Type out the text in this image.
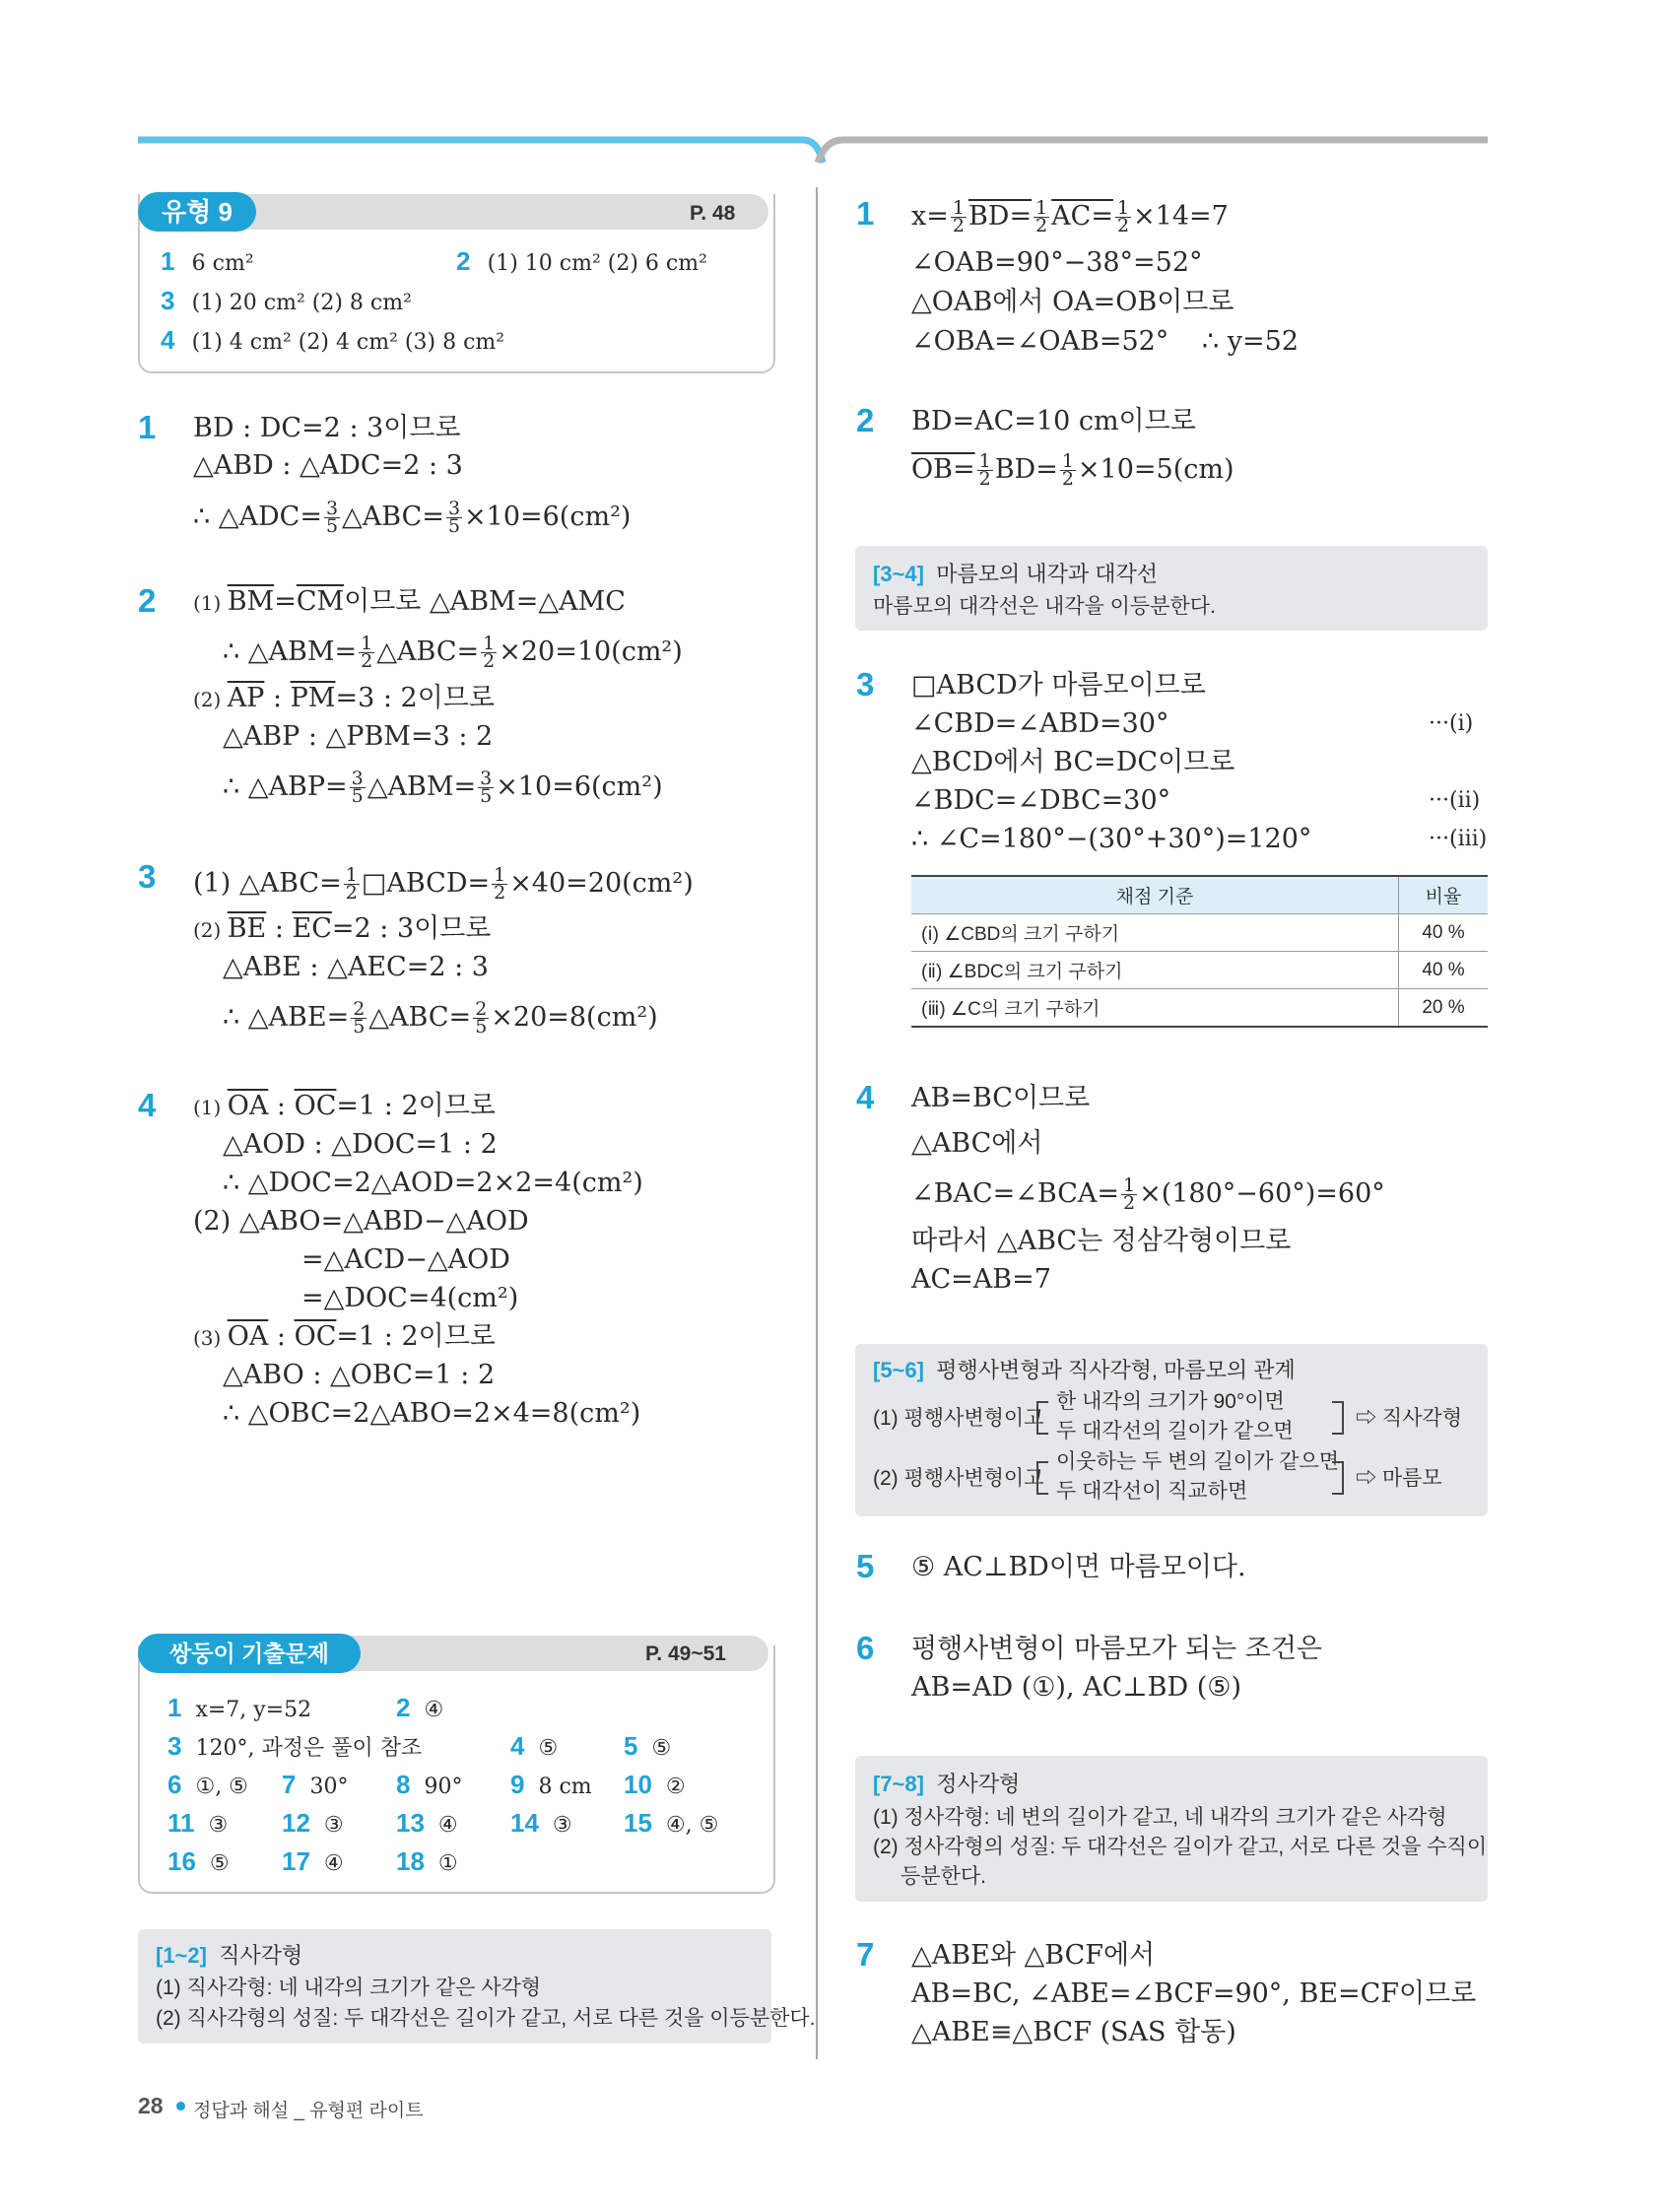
유형 9	P. 48
1 6 cm²	2 (1) 10 cm² (2) 6 cm²
3 (1) 20 cm² (2) 8 cm²
4 (1) 4 cm² (2) 4 cm² (3) 8 cm²
1 BD : DC=2 : 3이므로
△ABD : △ADC=2 : 3
∴ △ADC= $\frac{3}{5}$ △ABC= $\frac{3}{5} \times 10=6(cm^2)$
2 (1) $\overline{BM}=\overline{CM}$이므로 △ABM=△AMC
∴ △ABM= $\frac{1}{2}$ △ABC= $\frac{1}{2} \times 20=10(cm^2)$
(2) $\overline{AP}$ : $\overline{PM}=3$ : 2이므로
△ABP : △PBM=3 : 2
∴ △ABP= $\frac{3}{5}$ △ABM= $\frac{3}{5} \times 10=6(cm^2)$
3 (1) △ABC= $\frac{1}{2}$ □ABCD= $\frac{1}{2} \times 40=20(cm^2)$
(2) $\overline{BE}$ : $\overline{EC}=2$ : 3이므로
△ABE : △AEC=2 : 3
∴ △ABE= $\frac{2}{5}$ △ABC= $\frac{2}{5} \times 20=8(cm^2)$
4 (1) $\overline{OA}$ : $\overline{OC}=1$ : 2이므로
△AOD : △DOC=1 : 2
∴ △DOC=2△AOD=2×2=4(cm²)
(2) △ABO=△ABD−△AOD
=△ACD−△AOD
=△DOC=4(cm²)
(3) $\overline{OA}$ : $\overline{OC}=1$ : 2이므로
△ABO : △OBC=1 : 2
∴ △OBC=2△ABO=2×4=8(cm²)
쌍둥이 기출문제	P. 49~51
1 x=7, y=52	2 ④
3 120°, 과정은 풀이 참조	4 ⑤	5 ⑤
6 ①, ⑤ 7 30° 8 90° 9 8 cm 10 ②
11 ③ 12 ③ 13 ④ 14 ③ 15 ④, ⑤
16 ⑤ 17 ④ 18 ①
[1~2] 직사각형
(1) 직사각형: 네 내각의 크기가 같은 사각형
(2) 직사각형의 성질: 두 대각선은 길이가 같고, 서로 다른 것을 이등분한다.
28 정답과 해설 _ 유형편 라이트
1 $x= \frac{1}{2} BD= \frac{1}{2} AC= \frac{1}{2} \times 14=7$
∠OAB=90°−38°=52°
△OAB에서 OA=OB이므로
∠OBA=∠OAB=52° ∴ y=52
2 BD=AC=10 cm이므로
$OB= \frac{1}{2} BD= \frac{1}{2} \times 10=5(cm)$
[3~4] 마름모의 내각과 대각선
마름모의 대각선은 내각을 이등분한다.
3 □ABCD가 마름모이므로
∠CBD=∠ABD=30°	···(ⅰ)
△BCD에서 BC=DC이므로
∠BDC=∠DBC=30°	···(ⅱ)
∴ ∠C=180°−(30°+30°)=120°	···(ⅲ)
채점 기준	비율
(ⅰ) ∠CBD의 크기 구하기	40 %
(ⅱ) ∠BDC의 크기 구하기	40 %
(ⅲ) ∠C의 크기 구하기	20 %
4 AB=BC이므로
△ABC에서
∠BAC=∠BCA= $\frac{1}{2} \times(180^\circ-60^\circ)=60^\circ$
따라서 △ABC는 정삼각형이므로
AC=AB=7
[5~6] 평행사변형과 직사각형, 마름모의 관계
(1) 평행사변형이고
한 내각의 크기가 90°이면
두 대각선의 길이가 같으면
⇨ 직사각형
(2) 평행사변형이고
이웃하는 두 변의 길이가 같으면
두 대각선이 직교하면
⇨ 마름모
5 ⑤ AC⊥BD이면 마름모이다.
6 평행사변형이 마름모가 되는 조건은
AB=AD (①), AC⊥BD (⑤)
[7~8] 정사각형
(1) 정사각형: 네 변의 길이가 같고, 네 내각의 크기가 같은 사각형
(2) 정사각형의 성질: 두 대각선은 길이가 같고, 서로 다른 것을 수직이
등분한다.
7 △ABE와 △BCF에서
AB=BC, ∠ABE=∠BCF=90°, BE=CF이므로
△ABE≡△BCF (SAS 합동)
